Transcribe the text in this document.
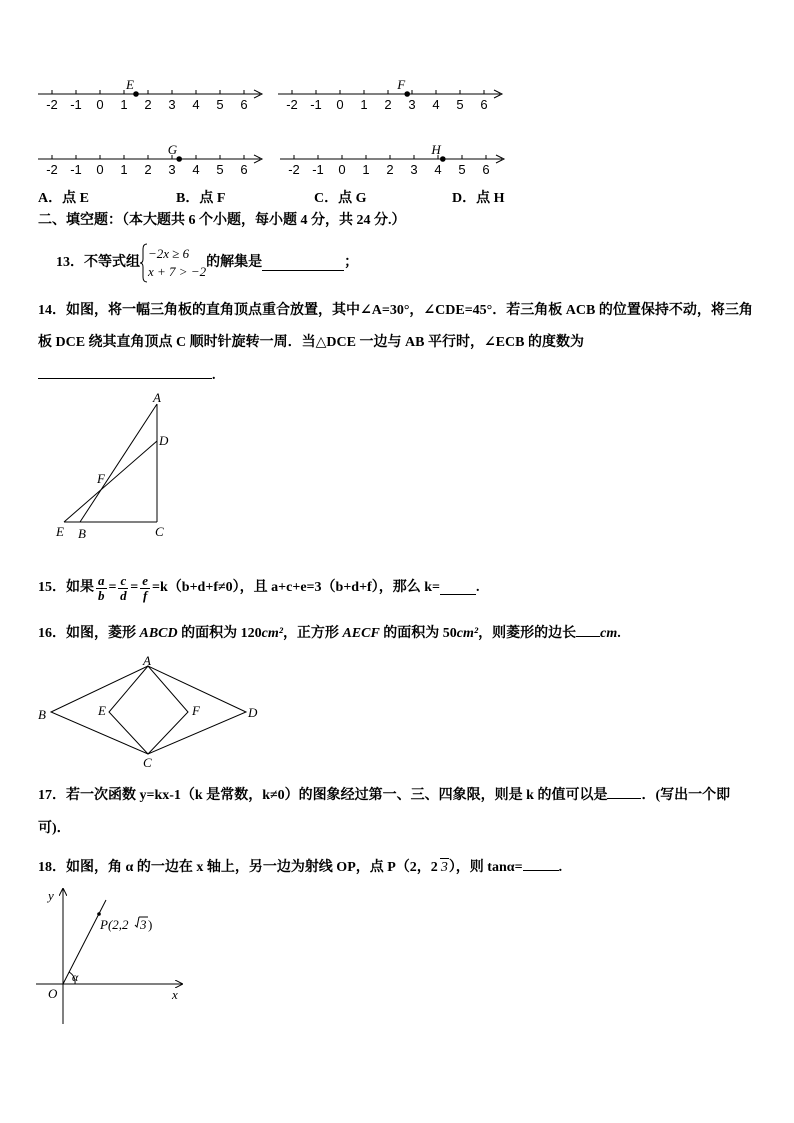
-2 -1 0 1 2 3 4 5 6
E
-2 -1 0 1 2 3 4 5 6
F
-2 -1 0 1 2 3 4 5 6
G
-2 -1 0 1 2 3 4 5 6
H
A．点 E	B．点 F	C．点 G	D．点 H
二、填空题：（本大题共 6 个小题，每小题 4 分，共 24 分.）
13．不等式组
−2x ≥ 6
x + 7 > −2
的解集是	；
14．如图，将一幅三角板的直角顶点重合放置，其中∠A=30°，∠CDE=45°．若三角板 ACB 的位置保持不动，将三角
板 DCE 绕其直角顶点 C 顺时针旋转一周．当△DCE 一边与 AB 平行时，∠ECB 的度数为
.
A
D
F
E B	C
15．如果 $\frac{a}{b} = \frac{c}{d} = \frac{e}{f} =k(b+d+f\ne 0)$，且 a+c+e=3（b+d+f），那么 k=	.
16．如图，菱形 ABCD 的面积为 120cm²，正方形 AECF 的面积为 50cm²，则菱形的边长 cm.
A
B	E	F	D
C
17．若一次函数 y=kx-1（k 是常数，k≠0）的图象经过第一、三、四象限，则是 k 的值可以是 ．(写出一个即
可)．
18．如图，角 α 的一边在 x 轴上，另一边为射线 OP，点 P（2，2 3），则 tanα=	.
y
x
O
α
P(2,2 3 )
